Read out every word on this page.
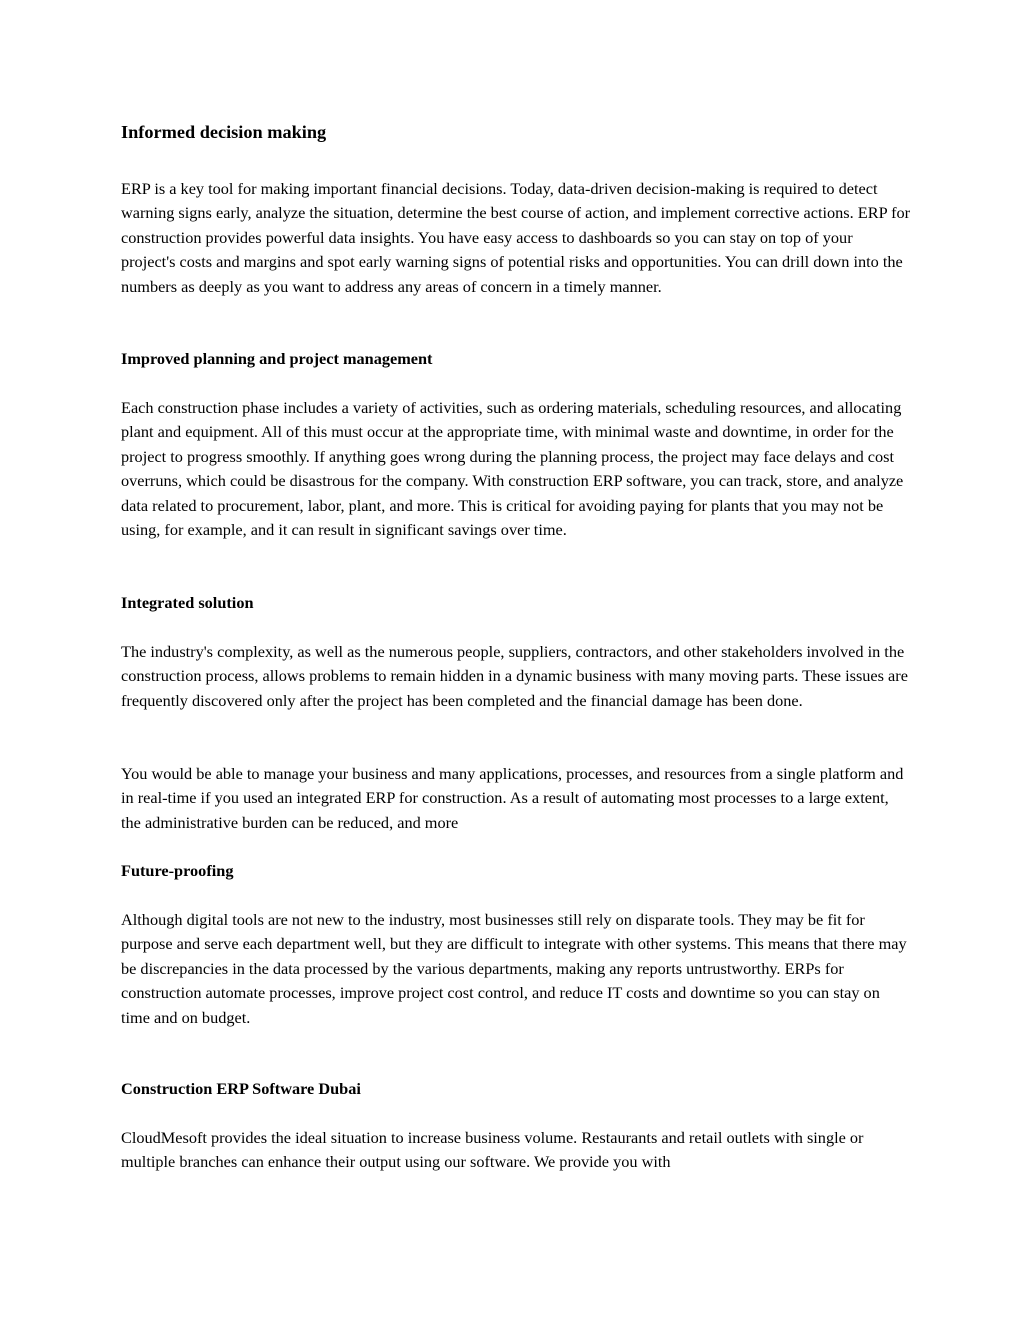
Informed decision making

ERP is a key tool for making important financial decisions. Today, data-driven decision-making is required to detect warning signs early, analyze the situation, determine the best course of action, and implement corrective actions. ERP for construction provides powerful data insights. You have easy access to dashboards so you can stay on top of your project's costs and margins and spot early warning signs of potential risks and opportunities. You can drill down into the numbers as deeply as you want to address any areas of concern in a timely manner.

Improved planning and project management

Each construction phase includes a variety of activities, such as ordering materials, scheduling resources, and allocating plant and equipment. All of this must occur at the appropriate time, with minimal waste and downtime, in order for the project to progress smoothly. If anything goes wrong during the planning process, the project may face delays and cost overruns, which could be disastrous for the company. With construction ERP software, you can track, store, and analyze data related to procurement, labor, plant, and more. This is critical for avoiding paying for plants that you may not be using, for example, and it can result in significant savings over time.

Integrated solution

The industry's complexity, as well as the numerous people, suppliers, contractors, and other stakeholders involved in the construction process, allows problems to remain hidden in a dynamic business with many moving parts. These issues are frequently discovered only after the project has been completed and the financial damage has been done.

You would be able to manage your business and many applications, processes, and resources from a single platform and in real-time if you used an integrated ERP for construction. As a result of automating most processes to a large extent, the administrative burden can be reduced, and more

Future-proofing

Although digital tools are not new to the industry, most businesses still rely on disparate tools. They may be fit for purpose and serve each department well, but they are difficult to integrate with other systems. This means that there may be discrepancies in the data processed by the various departments, making any reports untrustworthy. ERPs for construction automate processes, improve project cost control, and reduce IT costs and downtime so you can stay on time and on budget.

Construction ERP Software Dubai

CloudMesoft provides the ideal situation to increase business volume. Restaurants and retail outlets with single or multiple branches can enhance their output using our software. We provide you with
